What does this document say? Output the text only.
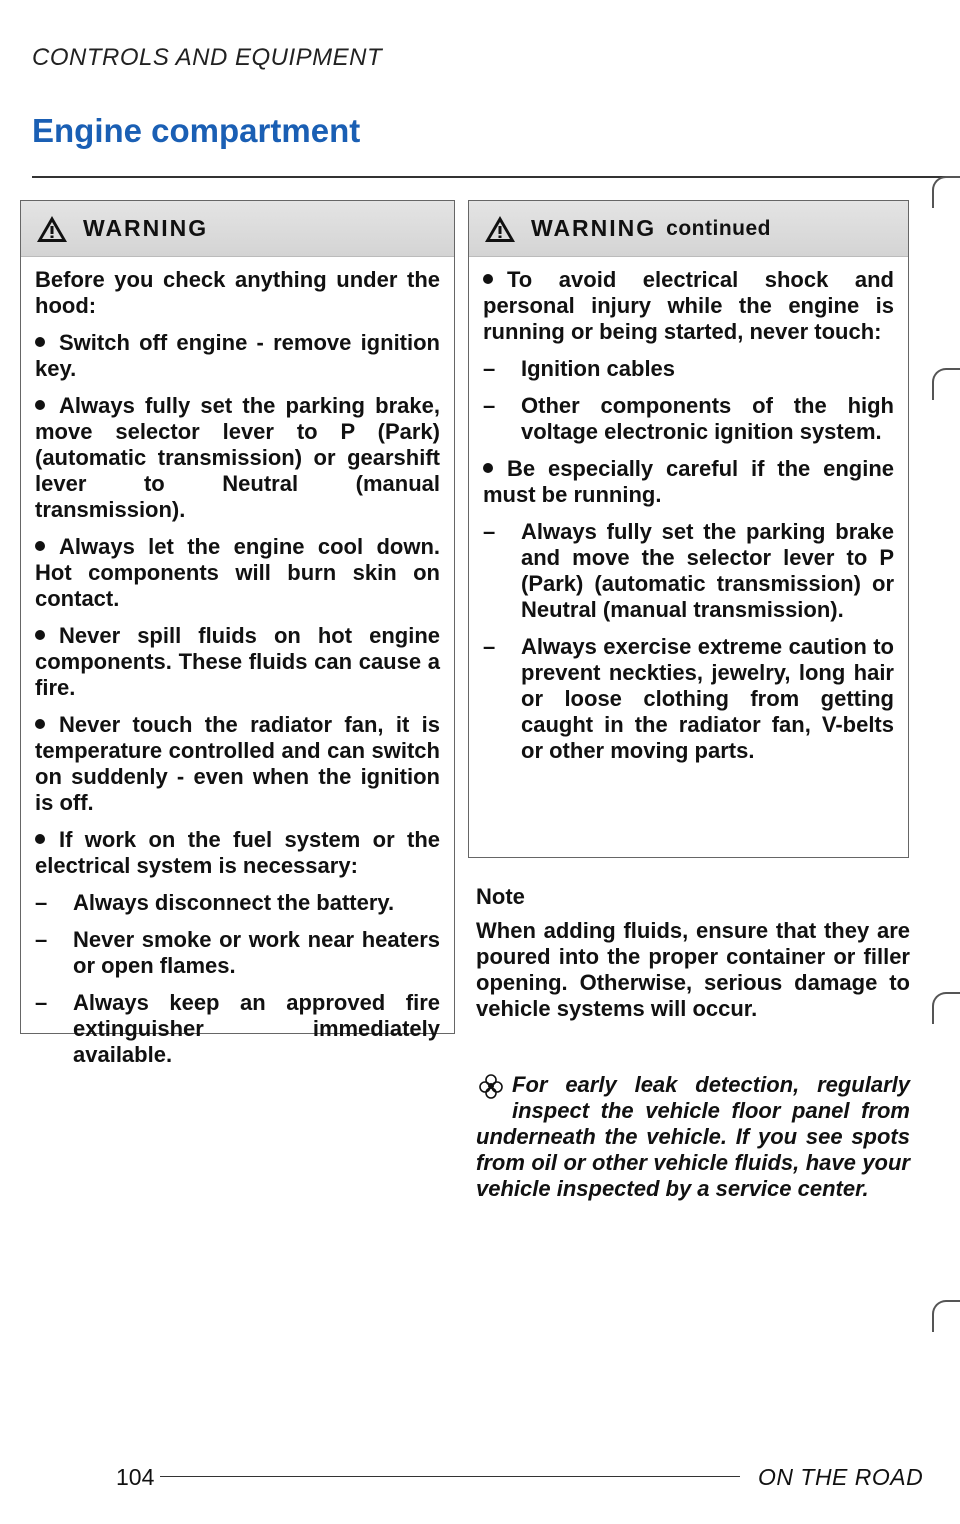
CONTROLS AND EQUIPMENT
Engine compartment
WARNING

Before you check anything under the hood:

Switch off engine - remove ignition key.

Always fully set the parking brake, move selector lever to P (Park) (automatic transmission) or gearshift lever to Neutral (manual transmission).

Always let the engine cool down. Hot components will burn skin on contact.

Never spill fluids on hot engine components. These fluids can cause a fire.

Never touch the radiator fan, it is temperature controlled and can switch on suddenly - even when the ignition is off.

If work on the fuel system or the electrical system is necessary:

–	Always disconnect the battery.
–	Never smoke or work near heaters or open flames.
–	Always keep an approved fire extinguisher immediately available.
WARNING continued

To avoid electrical shock and personal injury while the engine is running or being started, never touch:

–	Ignition cables
–	Other components of the high voltage electronic ignition system.

Be especially careful if the engine must be running.

–	Always fully set the parking brake and move the selector lever to P (Park) (automatic transmission) or Neutral (manual transmission).
–	Always exercise extreme caution to prevent neckties, jewelry, long hair or loose clothing from getting caught in the radiator fan, V-belts or other moving parts.
Note
When adding fluids, ensure that they are poured into the proper container or filler opening. Otherwise, serious damage to vehicle systems will occur.
For early leak detection, regularly inspect the vehicle floor panel from underneath the vehicle. If you see spots from oil or other vehicle fluids, have your vehicle inspected by a service center.
104	ON THE ROAD
